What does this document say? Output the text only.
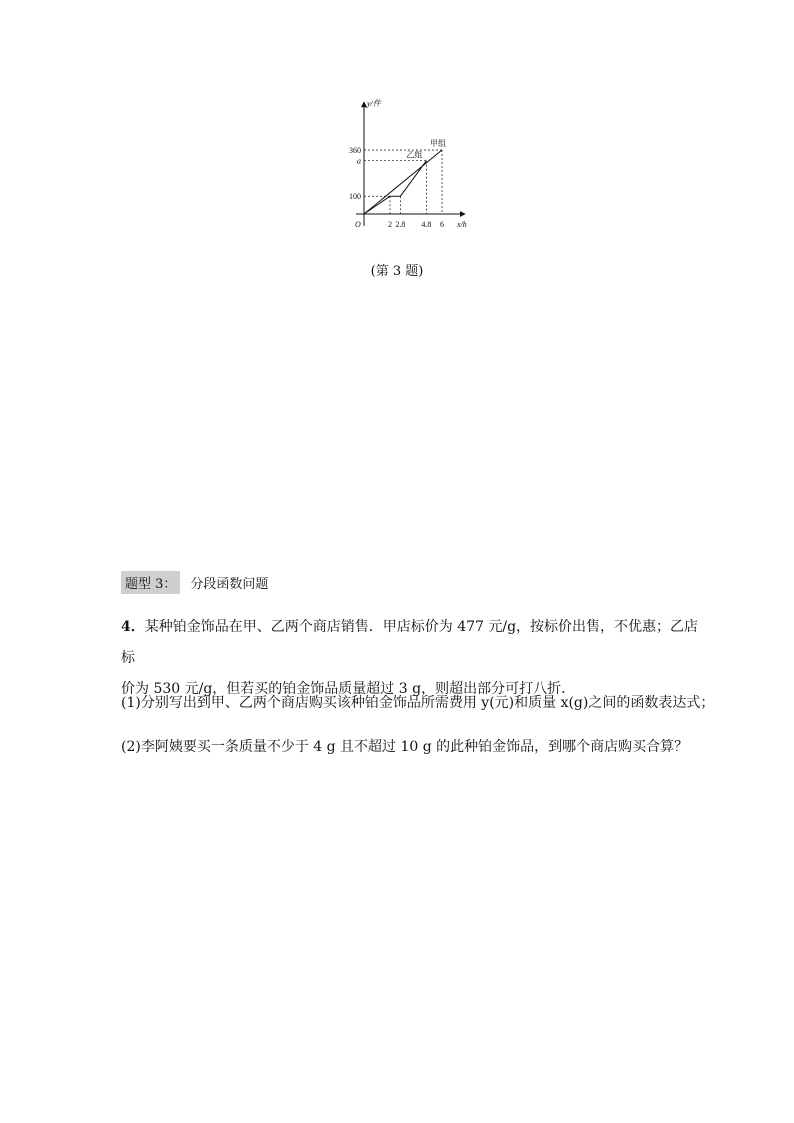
y/件
x/h
O	2 2.8 4.8 6
100
a
360
甲组
乙组
(第 3 题)
题型 3：	分段函数问题
4．某种铂金饰品在甲、乙两个商店销售．甲店标价为 477 元/g，按标价出售，不优惠；乙店标
价为 530 元/g，但若买的铂金饰品质量超过 3 g，则超出部分可打八折．
(1)分别写出到甲、乙两个商店购买该种铂金饰品所需费用 y(元)和质量 x(g)之间的函数表达式；
(2)李阿姨要买一条质量不少于 4 g 且不超过 10 g 的此种铂金饰品，到哪个商店购买合算？
